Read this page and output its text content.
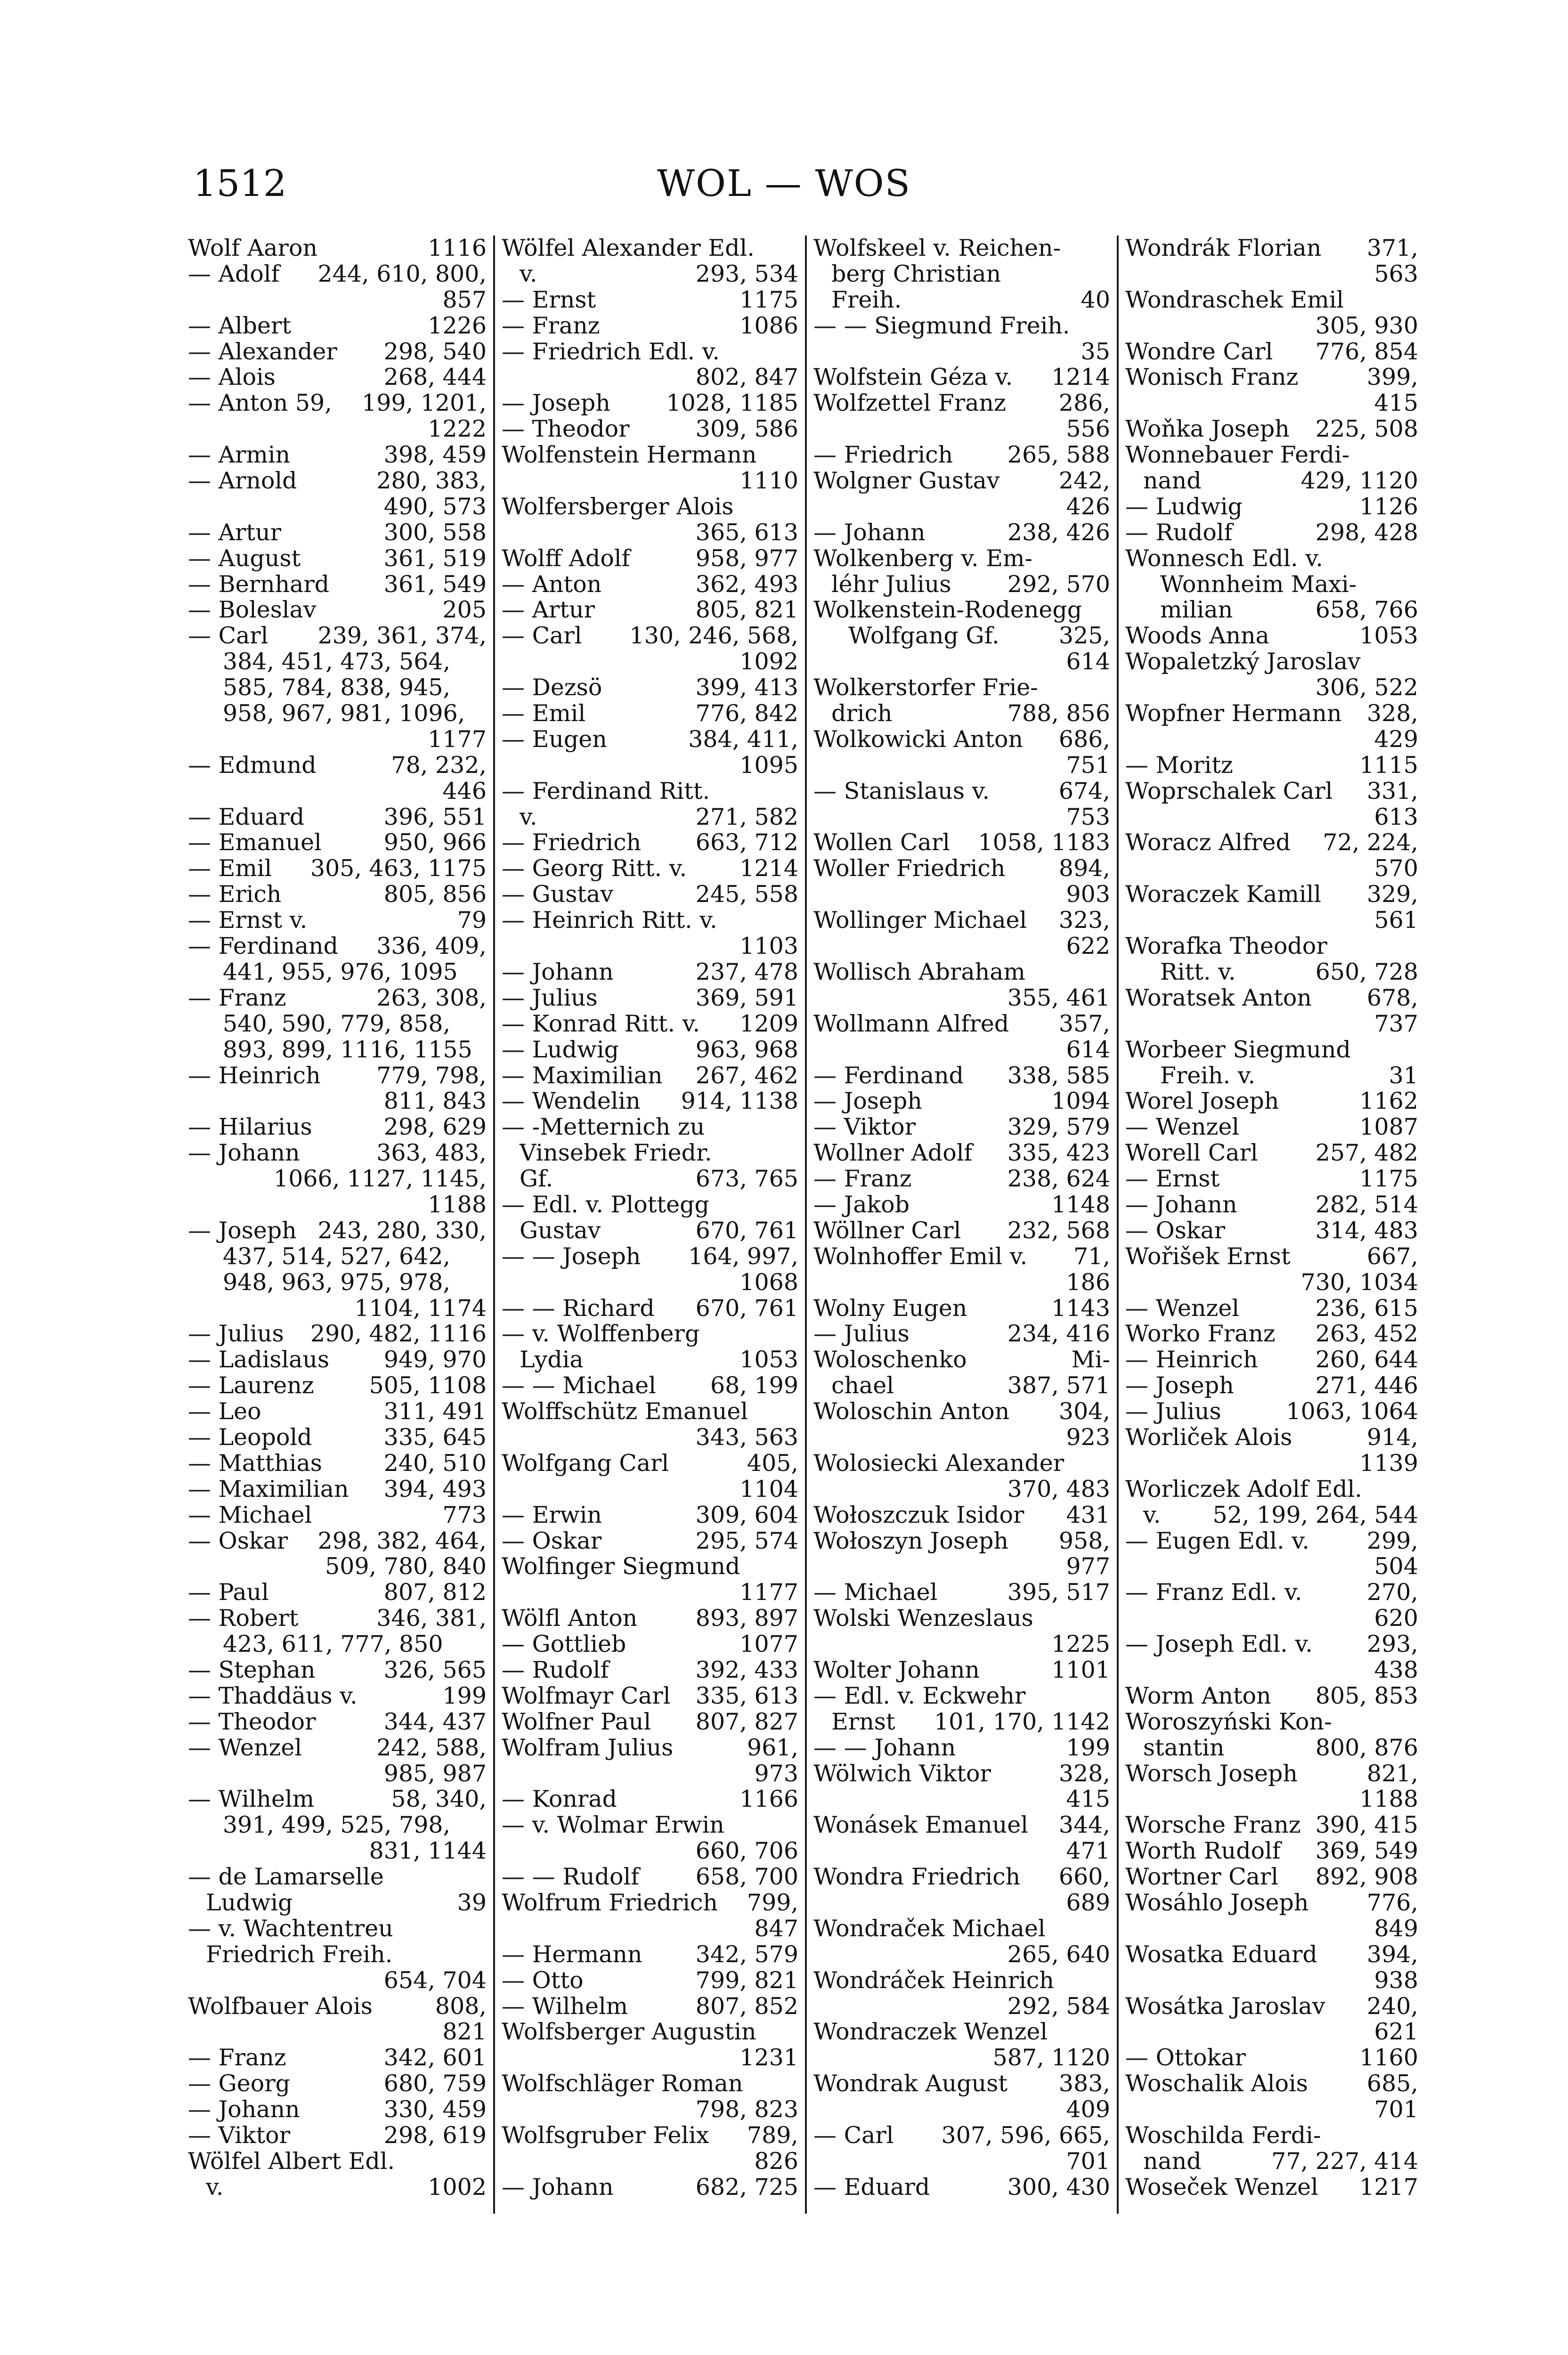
1512	WOL — WOS
Wolf Aaron	1116
— Adolf 244, 610, 800,
857
— Albert	1226
— Alexander 298, 540
— Alois	268, 444
— Anton 59, 199, 1201,
1222
— Armin	398, 459
— Arnold	280, 383,
490, 573
— Artur	300, 558
— August	361, 519
— Bernhard 361, 549
— Boleslav	205
— Carl 239, 361, 374,
384, 451, 473, 564,
585, 784, 838, 945,
958, 967, 981, 1096,
1177
— Edmund	78, 232,
446
— Eduard	396, 551
— Emanuel	950, 966
— Emil 305, 463, 1175
— Erich	805, 856
— Ernst v.	79
— Ferdinand 336, 409,
441, 955, 976, 1095
— Franz	263, 308,
540, 590, 779, 858,
893, 899, 1116, 1155
— Heinrich 779, 798,
811, 843
— Hilarius	298, 629
— Johann	363, 483,
1066, 1127, 1145,
1188
— Joseph 243, 280, 330,
437, 514, 527, 642,
948, 963, 975, 978,
1104, 1174
— Julius 290, 482, 1116
— Ladislaus 949, 970
— Laurenz 505, 1108
— Leo	311, 491
— Leopold	335, 645
— Matthias	240, 510
— Maximilian 394, 493
— Michael	773
— Oskar 298, 382, 464,
509, 780, 840
— Paul	807, 812
— Robert	346, 381,
423, 611, 777, 850
— Stephan	326, 565
— Thaddäus v.	199
— Theodor	344, 437
— Wenzel	242, 588,
985, 987
— Wilhelm	58, 340,
391, 499, 525, 798,
831, 1144
— de Lamarselle
Ludwig	39
— v. Wachtentreu
Friedrich Freih.
654, 704
Wolfbauer Alois	808,
821
— Franz	342, 601
— Georg	680, 759
— Johann	330, 459
— Viktor	298, 619
Wölfel Albert Edl.
v.	1002
Wölfel Alexander Edl.
v.	293, 534
— Ernst	1175
— Franz	1086
— Friedrich Edl. v.
802, 847
— Joseph 1028, 1185
— Theodor	309, 586
Wolfenstein Hermann
1110
Wolfersberger Alois
365, 613
Wolff Adolf	958, 977
— Anton	362, 493
— Artur	805, 821
— Carl 130, 246, 568,
1092
— Dezsö	399, 413
— Emil	776, 842
— Eugen	384, 411,
1095
— Ferdinand Ritt.
v.	271, 582
— Friedrich 663, 712
— Georg Ritt. v. 1214
— Gustav	245, 558
— Heinrich Ritt. v.
1103
— Johann	237, 478
— Julius	369, 591
— Konrad Ritt. v. 1209
— Ludwig	963, 968
— Maximilian 267, 462
— Wendelin 914, 1138
— -Metternich zu
Vinsebek Friedr.
Gf.	673, 765
— Edl. v. Plottegg
Gustav	670, 761
— — Joseph 164, 997,
1068
— — Richard 670, 761
— v. Wolffenberg
Lydia	1053
— — Michael 68, 199
Wolffschütz Emanuel
343, 563
Wolfgang Carl	405,
1104
— Erwin	309, 604
— Oskar	295, 574
Wolfinger Siegmund
1177
Wölfl Anton	893, 897
— Gottlieb	1077
— Rudolf	392, 433
Wolfmayr Carl 335, 613
Wolfner Paul 807, 827
Wolfram Julius	961,
973
— Konrad	1166
— v. Wolmar Erwin
660, 706
— — Rudolf 658, 700
Wolfrum Friedrich 799,
847
— Hermann 342, 579
— Otto	799, 821
— Wilhelm	807, 852
Wolfsberger Augustin
1231
Wolfschläger Roman
798, 823
Wolfsgruber Felix 789,
826
— Johann	682, 725
Wolfskeel v. Reichen-
berg Christian
Freih.	40
— — Siegmund Freih.
35
Wolfstein Géza v. 1214
Wolfzettel Franz 286,
556
— Friedrich 265, 588
Wolgner Gustav	242,
426
— Johann	238, 426
Wolkenberg v. Em-
léhr Julius 292, 570
Wolkenstein-Rodenegg
Wolfgang Gf.	325,
614
Wolkerstorfer Frie-
drich	788, 856
Wolkowicki Anton 686,
751
— Stanislaus v.	674,
753
Wollen Carl 1058, 1183
Woller Friedrich 894,
903
Wollinger Michael 323,
622
Wollisch Abraham
355, 461
Wollmann Alfred 357,
614
— Ferdinand 338, 585
— Joseph	1094
— Viktor	329, 579
Wollner Adolf 335, 423
— Franz	238, 624
— Jakob	1148
Wöllner Carl 232, 568
Wolnhoffer Emil v. 71,
186
Wolny Eugen	1143
— Julius	234, 416
Woloschenko	Mi-
chael	387, 571
Woloschin Anton 304,
923
Wolosiecki Alexander
370, 483
Wołoszczuk Isidor 431
Wołoszyn Joseph 958,
977
— Michael	395, 517
Wolski Wenzeslaus
1225
Wolter Johann	1101
— Edl. v. Eckwehr
Ernst 101, 170, 1142
— — Johann	199
Wölwich Viktor	328,
415
Wonásek Emanuel 344,
471
Wondra Friedrich 660,
689
Wondraček Michael
265, 640
Wondráček Heinrich
292, 584
Wondraczek Wenzel
587, 1120
Wondrak August 383,
409
— Carl 307, 596, 665,
701
— Eduard	300, 430
Wondrák Florian 371,
563
Wondraschek Emil
305, 930
Wondre Carl 776, 854
Wonisch Franz	399,
415
Woňka Joseph 225, 508
Wonnebauer Ferdi-
nand	429, 1120
— Ludwig	1126
— Rudolf	298, 428
Wonnesch Edl. v.
Wonnheim Maxi-
milian	658, 766
Woods Anna	1053
Wopaletzký Jaroslav
306, 522
Wopfner Hermann 328,
429
— Moritz	1115
Woprschalek Carl 331,
613
Woracz Alfred 72, 224,
570
Woraczek Kamill 329,
561
Worafka Theodor
Ritt. v.	650, 728
Woratsek Anton 678,
737
Worbeer Siegmund
Freih. v.	31
Worel Joseph	1162
— Wenzel	1087
Worell Carl 257, 482
— Ernst	1175
— Johann	282, 514
— Oskar	314, 483
Wořišek Ernst	667,
730, 1034
— Wenzel	236, 615
Worko Franz 263, 452
— Heinrich 260, 644
— Joseph	271, 446
— Julius	1063, 1064
Worliček Alois	914,
1139
Worliczek Adolf Edl.
v. 52, 199, 264, 544
— Eugen Edl. v. 299,
504
— Franz Edl. v.	270,
620
— Joseph Edl. v. 293,
438
Worm Anton 805, 853
Woroszyński Kon-
stantin	800, 876
Worsch Joseph	821,
1188
Worsche Franz 390, 415
Worth Rudolf 369, 549
Wortner Carl 892, 908
Wosáhlo Joseph	776,
849
Wosatka Eduard 394,
938
Wosátka Jaroslav 240,
621
— Ottokar	1160
Woschalik Alois	685,
701
Woschilda Ferdi-
nand	77, 227, 414
Woseček Wenzel 1217
